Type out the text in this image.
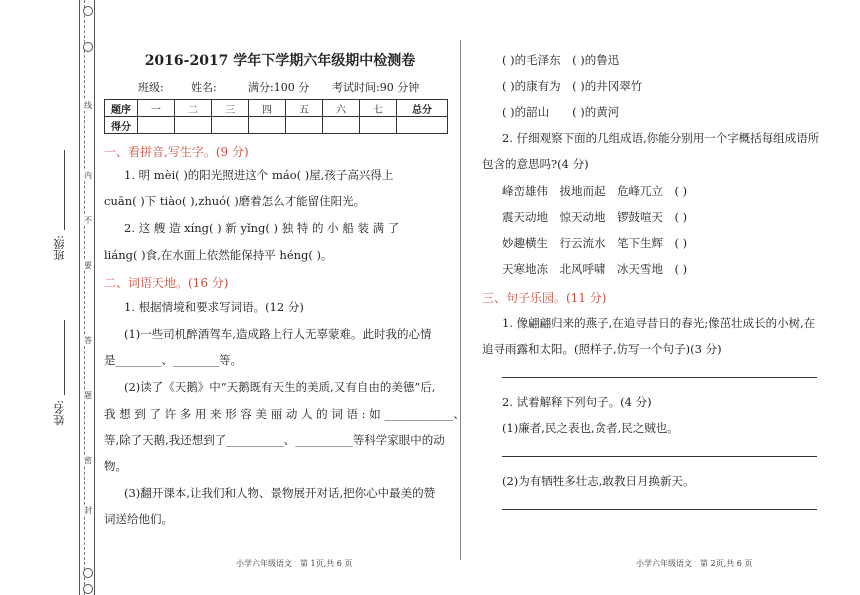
线
内
不
要
答
题
密
封
班级:
姓名:
2016-2017 学年下学期六年级期中检测卷
班级: 姓名:	满分:100 分 考试时间:90 分钟
题序	一	二	三	四	五	六	七	总分
得分								
一、看拼音,写生字。(9 分)
1. 明 mèi( )的阳光照进这个 máo( )屋,孩子高兴得上
cuān( )下 tiào( ),zhuó( )磨着怎么才能留住阳光。
2. 这 艘 造 xíng( ) 新 yǐng( ) 独 特 的 小 船 装 满 了
liáng( )食,在水面上依然能保持平 héng( )。
二、词语天地。(16 分)
1. 根据情境和要求写词语。(12 分)
(1)一些司机醉酒驾车,造成路上行人无辜蒙难。此时我的心情
是________、________等。
(2)读了《天鹅》中“天鹅既有天生的美质,又有自由的美德”后,
我 想 到 了 许 多 用 来 形 容 美 丽 动 人 的 词 语 : 如 ____________、
等,除了天鹅,我还想到了__________、__________等科学家眼中的动
物。
(3)翻开课本,让我们和人物、景物展开对话,把你心中最美的赞
词送给他们。
小学六年级语文　第 1页,共 6 页
( )的毛泽东　( )的鲁迅
( )的康有为　( )的井冈翠竹
( )的韶山　　( )的黄河
2. 仔细观察下面的几组成语,你能分别用一个字概括每组成语所
包含的意思吗?(4 分)
峰峦雄伟　拔地而起　危峰兀立　( )
震天动地　惊天动地　锣鼓喧天　( )
妙趣横生　行云流水　笔下生辉　( )
天寒地冻　北风呼啸　冰天雪地　( )
三、句子乐园。(11 分)
1. 像翩翩归来的燕子,在追寻昔日的春光;像茁壮成长的小树,在
追寻雨露和太阳。(照样子,仿写一个句子)(3 分)
2. 试着解释下列句子。(4 分)
(1)廉者,民之表也,贪者,民之贼也。
(2)为有牺牲多壮志,敢教日月换新天。
小学六年级语文　第 2页,共 6 页
